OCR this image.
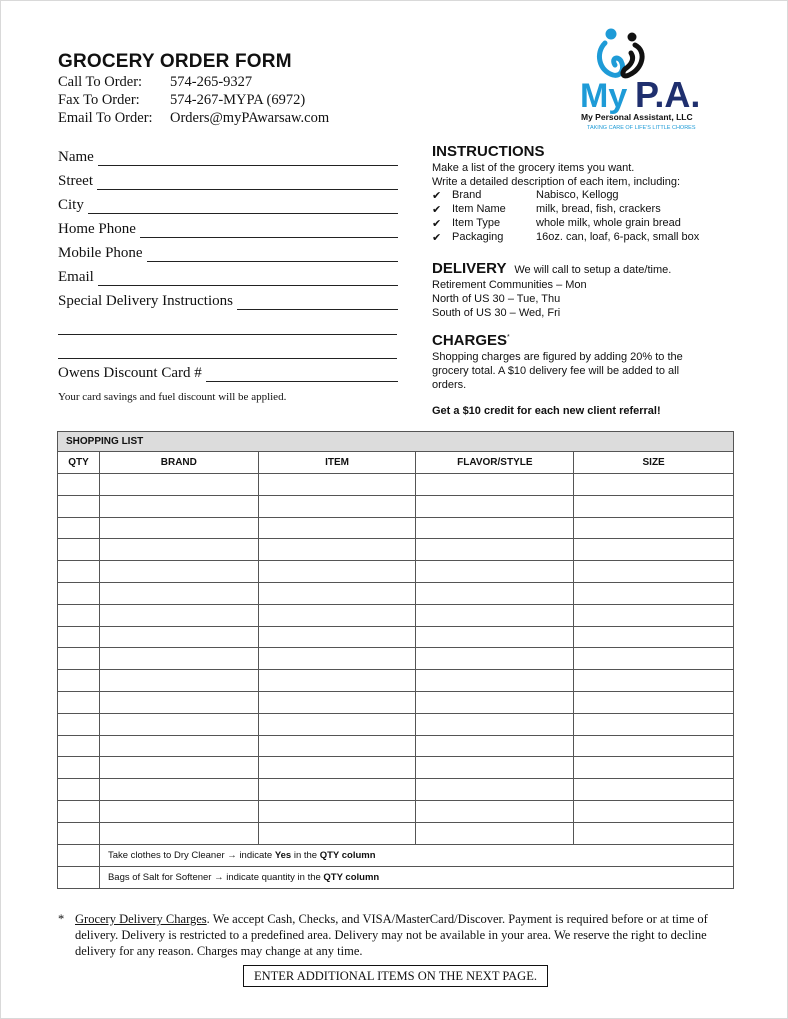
GROCERY ORDER FORM
Call To Order: 574-265-9327
Fax To Order: 574-267-MYPA (6972)
Email To Order: Orders@myPAwarsaw.com
My P.A.
My Personal Assistant, LLC
TAKING CARE OF LIFE'S LITTLE CHORES
Name
Street
City
Home Phone
Mobile Phone
Email
Special Delivery Instructions
Owens Discount Card #
Your card savings and fuel discount will be applied.
INSTRUCTIONS
Make a list of the grocery items you want.
Write a detailed description of each item, including:
✔ Brand	Nabisco, Kellogg
✔ Item Name	milk, bread, fish, crackers
✔ Item Type	whole milk, whole grain bread
✔ Packaging	16oz. can, loaf, 6-pack, small box
DELIVERY We will call to setup a date/time.
Retirement Communities – Mon
North of US 30 – Tue, Thu
South of US 30 – Wed, Fri
CHARGES*
Shopping charges are figured by adding 20% to the grocery total. A $10 delivery fee will be added to all orders.
Get a $10 credit for each new client referral!
SHOPPING LIST				
QTY	BRAND	ITEM	FLAVOR/STYLE	SIZE

	Take clothes to Dry Cleaner → indicate Yes in the QTY column			
	Bags of Salt for Softener → indicate quantity in the QTY column			
* Grocery Delivery Charges. We accept Cash, Checks, and VISA/MasterCard/Discover. Payment is required before or at time of delivery. Delivery is restricted to a predefined area. Delivery may not be available in your area. We reserve the right to decline delivery for any reason. Charges may change at any time.
ENTER ADDITIONAL ITEMS ON THE NEXT PAGE.
